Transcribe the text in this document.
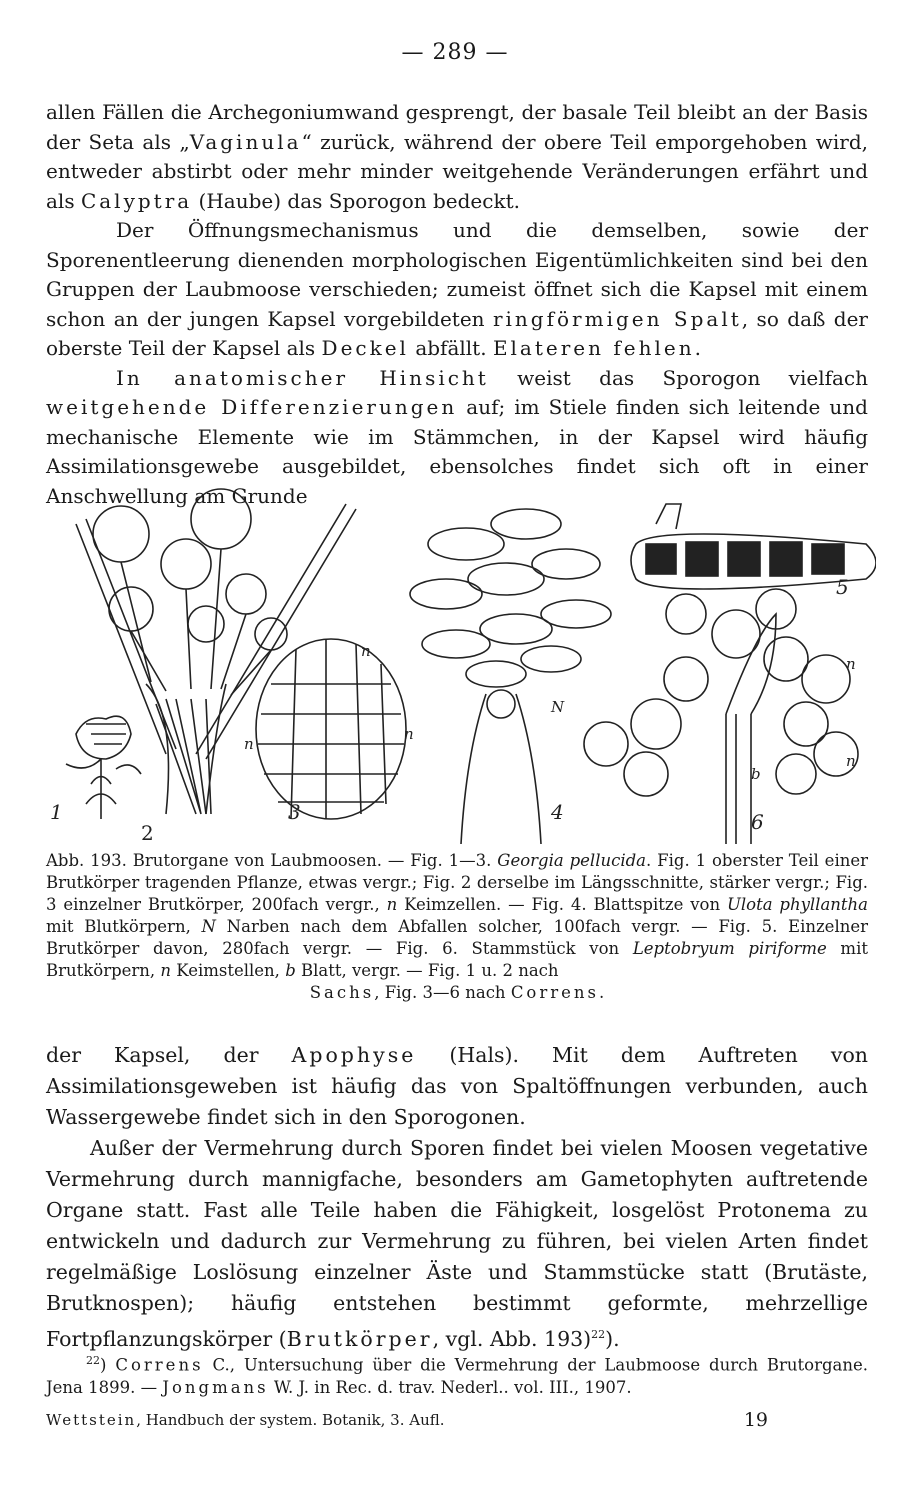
— 289 —

allen Fällen die Archegoniumwand gesprengt, der basale Teil bleibt an der Basis der Seta als „Vaginula“ zurück, während der obere Teil emporgehoben wird, entweder abstirbt oder mehr minder weitgehende Veränderungen erfährt und als Calyptra (Haube) das Sporogon bedeckt.

Der Öffnungsmechanismus und die demselben, sowie der Sporenentleerung dienenden morphologischen Eigentümlichkeiten sind bei den Gruppen der Laubmoose verschieden; zumeist öffnet sich die Kapsel mit einem schon an der jungen Kapsel vorgebildeten ringförmigen Spalt, so daß der oberste Teil der Kapsel als Deckel abfällt. Elateren fehlen.

In anatomischer Hinsicht weist das Sporogon vielfach weitgehende Differenzierungen auf; im Stiele finden sich leitende und mechanische Elemente wie im Stämmchen, in der Kapsel wird häufig Assimilationsgewebe ausgebildet, ebensolches findet sich oft in einer Anschwellung am Grunde

1
2
3	4
5
6
n
n
n
N
n
n
b
Abb. 193. Brutorgane von Laubmoosen. — Fig. 1—3. Georgia pellucida. Fig. 1 oberster Teil einer Brutkörper tragenden Pflanze, etwas vergr.; Fig. 2 derselbe im Längsschnitte, stärker vergr.; Fig. 3 einzelner Brutkörper, 200fach vergr., n Keimzellen. — Fig. 4. Blattspitze von Ulota phyllantha mit Blutkörpern, N Narben nach dem Abfallen solcher, 100fach vergr. — Fig. 5. Einzelner Brutkörper davon, 280fach vergr. — Fig. 6. Stammstück von Leptobryum piriforme mit Brutkörpern, n Keimstellen, b Blatt, vergr. — Fig. 1 u. 2 nach
Sachs, Fig. 3—6 nach Correns.

der Kapsel, der Apophyse (Hals). Mit dem Auftreten von Assimilationsgeweben ist häufig das von Spaltöffnungen verbunden, auch Wassergewebe findet sich in den Sporogonen.

Außer der Vermehrung durch Sporen findet bei vielen Moosen vegetative Vermehrung durch mannigfache, besonders am Gametophyten auftretende Organe statt. Fast alle Teile haben die Fähigkeit, losgelöst Protonema zu entwickeln und dadurch zur Vermehrung zu führen, bei vielen Arten findet regelmäßige Loslösung einzelner Äste und Stammstücke statt (Brutäste, Brutknospen); häufig entstehen bestimmt geformte, mehrzellige Fortpflanzungskörper (Brutkörper, vgl. Abb. 193)$^{22}$).

$^{22}$) Correns C., Untersuchung über die Vermehrung der Laubmoose durch Brutorgane. Jena 1899. — Jongmans W. J. in Rec. d. trav. Nederl.. vol. III., 1907.
Wettstein, Handbuch der system. Botanik, 3. Aufl.	19
